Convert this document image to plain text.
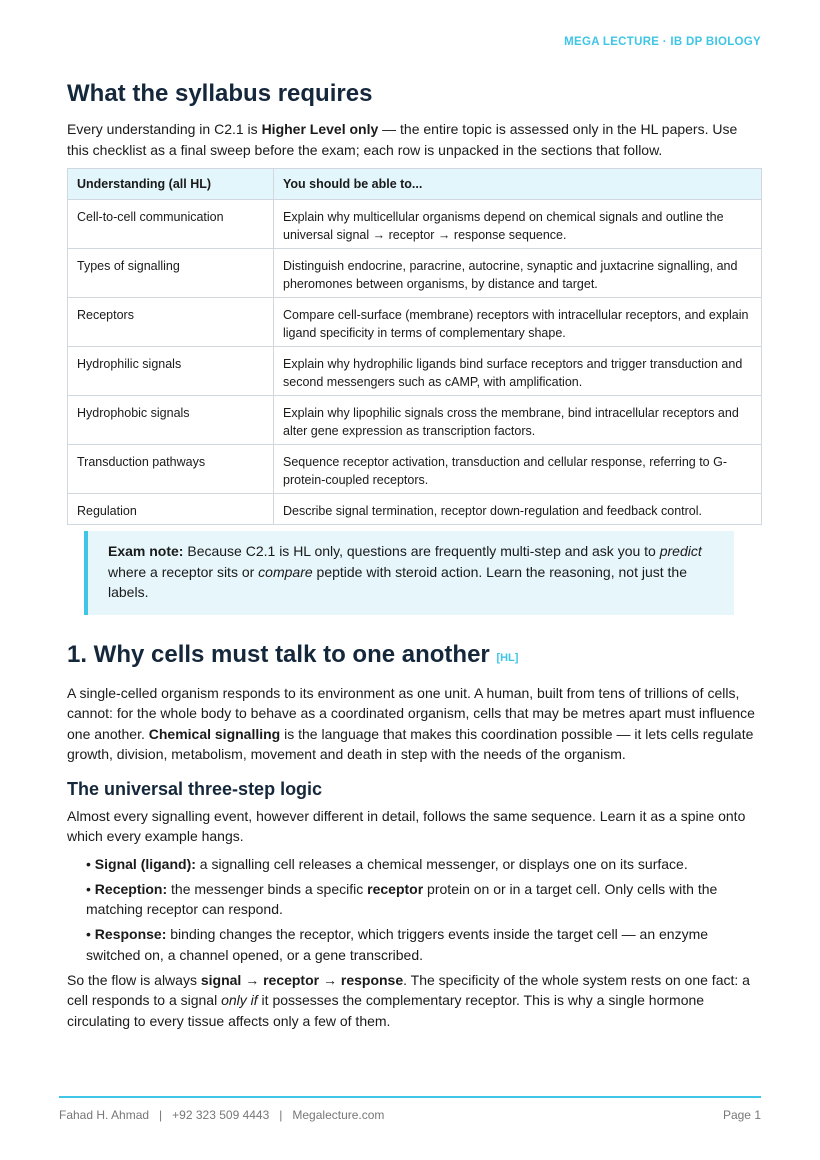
MEGA LECTURE · IB DP BIOLOGY
What the syllabus requires

Every understanding in C2.1 is Higher Level only — the entire topic is assessed only in the HL papers. Use this checklist as a final sweep before the exam; each row is unpacked in the sections that follow.

Understanding (all HL)	You should be able to...
Cell-to-cell communication	Explain why multicellular organisms depend on chemical signals and outline the universal signal → receptor → response sequence.
Types of signalling	Distinguish endocrine, paracrine, autocrine, synaptic and juxtacrine signalling, and pheromones between organisms, by distance and target.
Receptors	Compare cell-surface (membrane) receptors with intracellular receptors, and explain ligand specificity in terms of complementary shape.
Hydrophilic signals	Explain why hydrophilic ligands bind surface receptors and trigger transduction and second messengers such as cAMP, with amplification.
Hydrophobic signals	Explain why lipophilic signals cross the membrane, bind intracellular receptors and alter gene expression as transcription factors.
Transduction pathways	Sequence receptor activation, transduction and cellular response, referring to G-protein-coupled receptors.
Regulation	Describe signal termination, receptor down-regulation and feedback control.
Exam note: Because C2.1 is HL only, questions are frequently multi-step and ask you to predict where a receptor sits or compare peptide with steroid action. Learn the reasoning, not just the labels.
1. Why cells must talk to one another [HL]

A single-celled organism responds to its environment as one unit. A human, built from tens of trillions of cells, cannot: for the whole body to behave as a coordinated organism, cells that may be metres apart must influence one another. Chemical signalling is the language that makes this coordination possible — it lets cells regulate growth, division, metabolism, movement and death in step with the needs of the organism.

The universal three-step logic

Almost every signalling event, however different in detail, follows the same sequence. Learn it as a spine onto which every example hangs.

• Signal (ligand): a signalling cell releases a chemical messenger, or displays one on its surface.
• Reception: the messenger binds a specific receptor protein on or in a target cell. Only cells with the matching receptor can respond.
• Response: binding changes the receptor, which triggers events inside the target cell — an enzyme switched on, a channel opened, or a gene transcribed.

So the flow is always signal → receptor → response. The specificity of the whole system rests on one fact: a cell responds to a signal only if it possesses the complementary receptor. This is why a single hormone circulating to every tissue affects only a few of them.

Fahad H. Ahmad   |   +92 323 509 4443   |   Megalecture.com	Page 1
